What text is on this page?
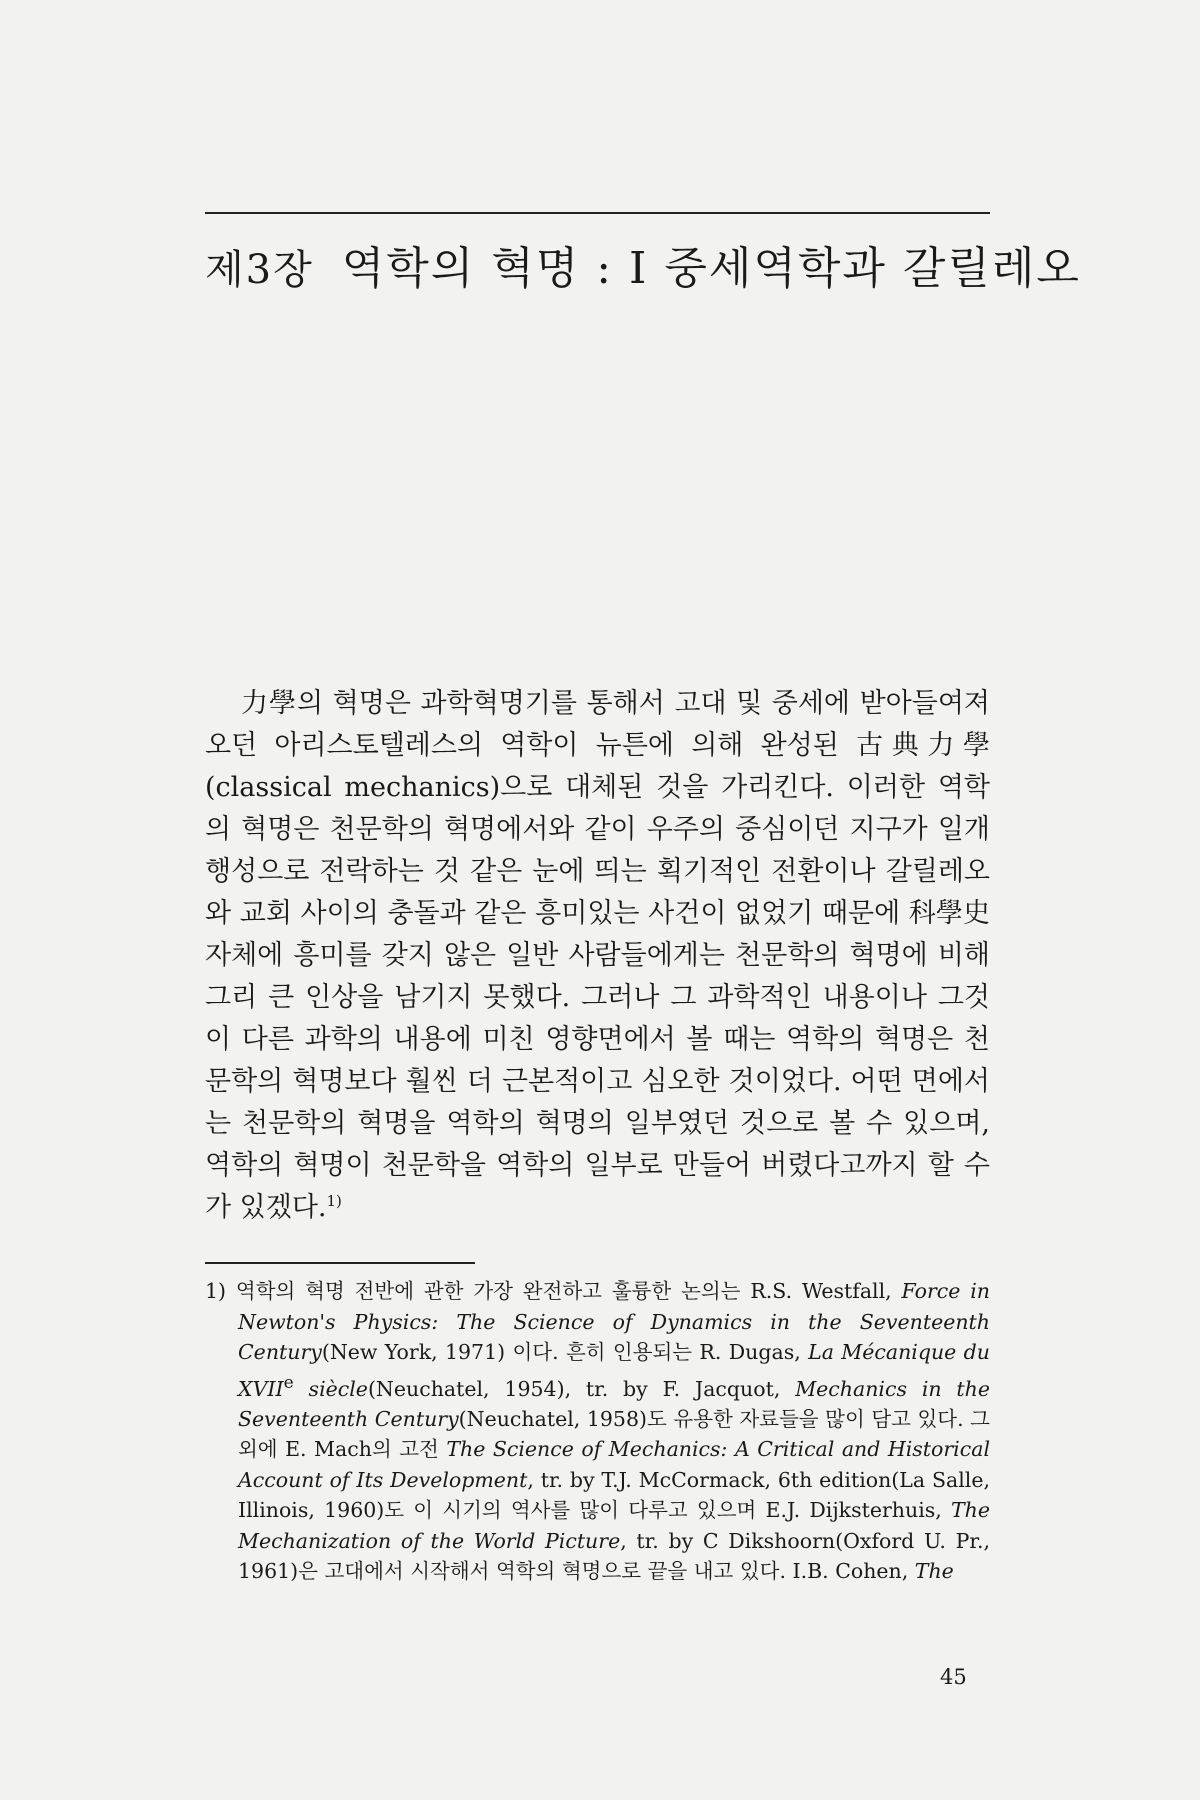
제3장 역학의 혁명 : I 중세역학과 갈릴레오

力學의 혁명은 과학혁명기를 통해서 고대 및 중세에 받아들여져 오던 아리스토텔레스의 역학이 뉴튼에 의해 완성된 古典力學(classical mechanics)으로 대체된 것을 가리킨다. 이러한 역학의 혁명은 천문학의 혁명에서와 같이 우주의 중심이던 지구가 일개 행성으로 전락하는 것 같은 눈에 띄는 획기적인 전환이나 갈릴레오와 교회 사이의 충돌과 같은 흥미있는 사건이 없었기 때문에 科學史 자체에 흥미를 갖지 않은 일반 사람들에게는 천문학의 혁명에 비해 그리 큰 인상을 남기지 못했다. 그러나 그 과학적인 내용이나 그것이 다른 과학의 내용에 미친 영향면에서 볼 때는 역학의 혁명은 천문학의 혁명보다 훨씬 더 근본적이고 심오한 것이었다. 어떤 면에서는 천문학의 혁명을 역학의 혁명의 일부였던 것으로 볼 수 있으며, 역학의 혁명이 천문학을 역학의 일부로 만들어 버렸다고까지 할 수가 있겠다.$^{1)}$

1) 역학의 혁명 전반에 관한 가장 완전하고 훌륭한 논의는 R.S. Westfall, Force in Newton's Physics: The Science of Dynamics in the Seventeenth Century(New York, 1971) 이다. 흔히 인용되는 R. Dugas, La Mécanique du XVIIe siècle(Neuchatel, 1954), tr. by F. Jacquot, Mechanics in the Seventeenth Century(Neuchatel, 1958)도 유용한 자료들을 많이 담고 있다. 그 외에 E. Mach의 고전 The Science of Mechanics: A Critical and Historical Account of Its Development, tr. by T.J. McCormack, 6th edition(La Salle, Illinois, 1960)도 이 시기의 역사를 많이 다루고 있으며 E.J. Dijksterhuis, The Mechanization of the World Picture, tr. by C Dikshoorn(Oxford U. Pr., 1961)은 고대에서 시작해서 역학의 혁명으로 끝을 내고 있다. I.B. Cohen, The

45
